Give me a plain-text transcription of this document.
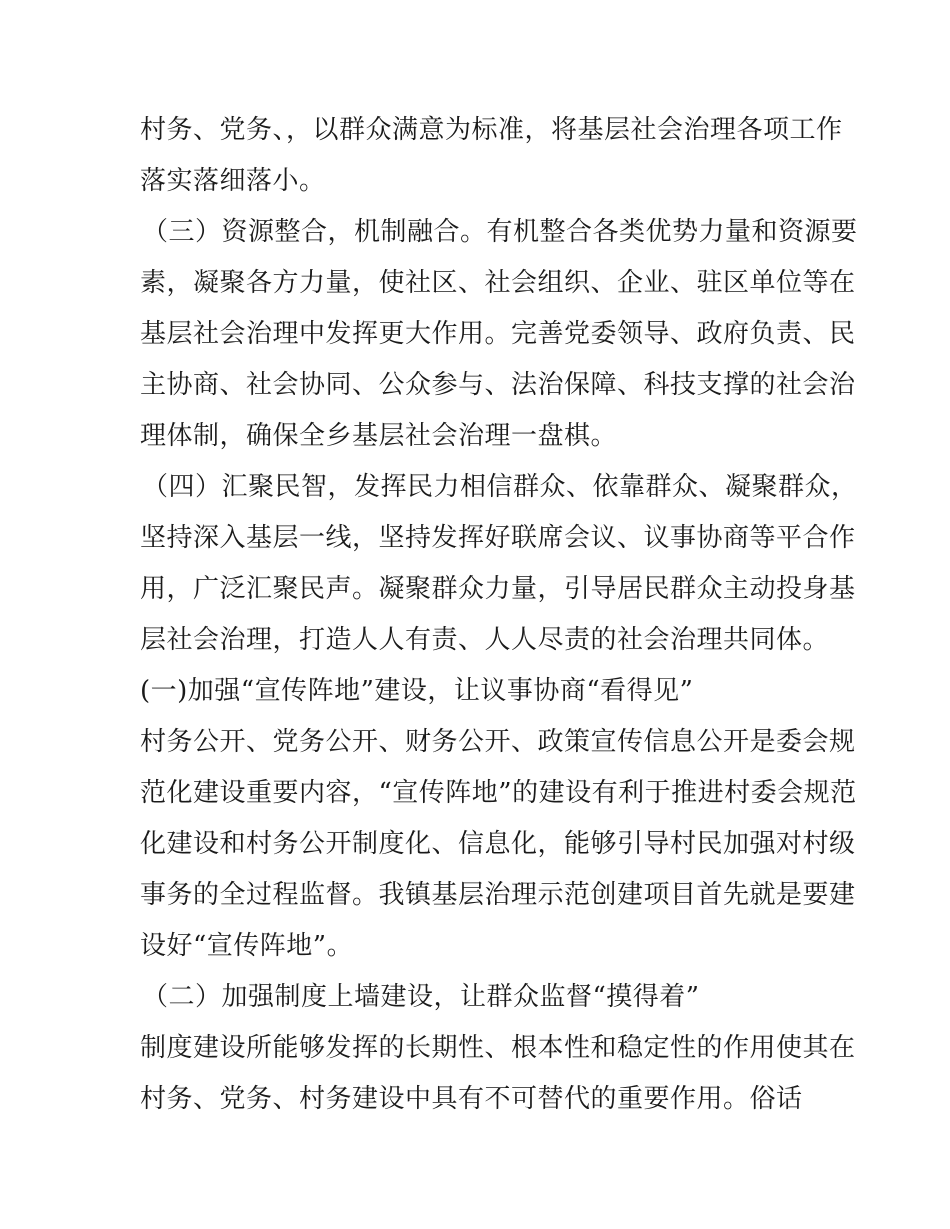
村务、党务、，以群众满意为标准，将基层社会治理各项工作
落实落细落小。
（三）资源整合，机制融合。有机整合各类优势力量和资源要
素，凝聚各方力量，使社区、社会组织、企业、驻区单位等在
基层社会治理中发挥更大作用。完善党委领导、政府负责、民
主协商、社会协同、公众参与、法治保障、科技支撑的社会治
理体制，确保全乡基层社会治理一盘棋。
（四）汇聚民智，发挥民力相信群众、依靠群众、凝聚群众，
坚持深入基层一线，坚持发挥好联席会议、议事协商等平合作
用，广泛汇聚民声。凝聚群众力量，引导居民群众主动投身基
层社会治理，打造人人有责、人人尽责的社会治理共同体。
(一)加强“宣传阵地”建设，让议事协商“看得见”
村务公开、党务公开、财务公开、政策宣传信息公开是委会规
范化建设重要内容，“宣传阵地”的建设有利于推进村委会规范
化建设和村务公开制度化、信息化，能够引导村民加强对村级
事务的全过程监督。我镇基层治理示范创建项目首先就是要建
设好“宣传阵地”。
（二）加强制度上墙建设，让群众监督“摸得着”
制度建设所能够发挥的长期性、根本性和稳定性的作用使其在
村务、党务、村务建设中具有不可替代的重要作用。俗话
